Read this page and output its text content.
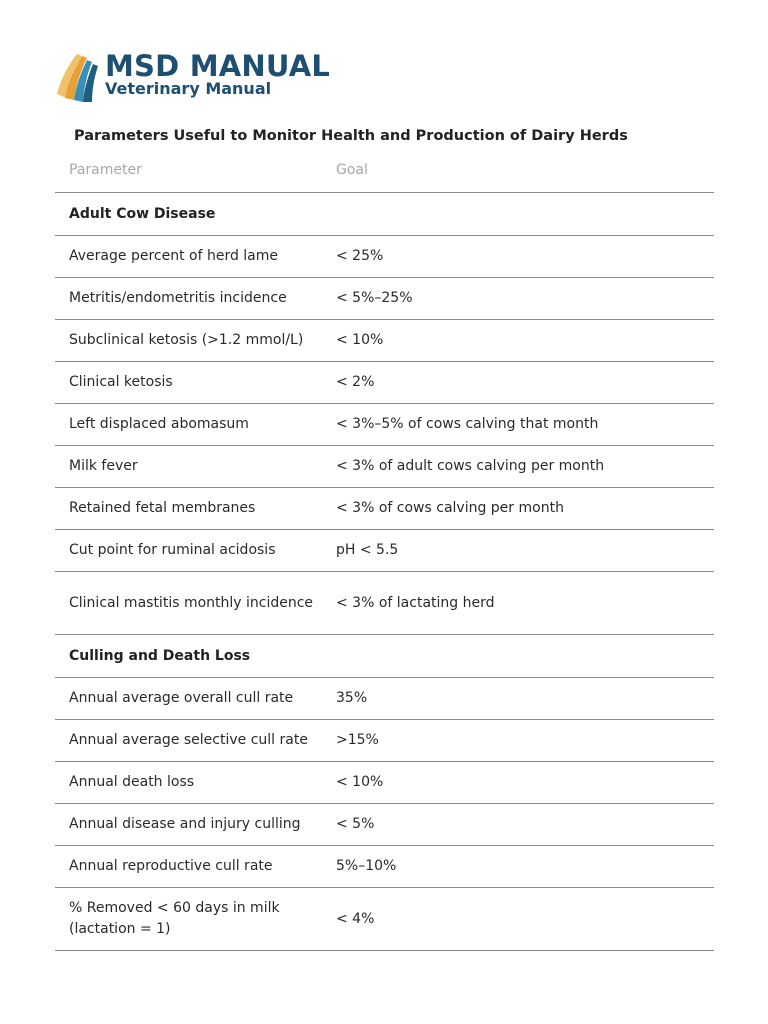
MSD MANUAL
Veterinary Manual
Parameters Useful to Monitor Health and Production of Dairy Herds
Parameter	Goal
Adult Cow Disease	
Average percent of herd lame	< 25%
Metritis/endometritis incidence	< 5%–25%
Subclinical ketosis (>1.2 mmol/L)	< 10%
Clinical ketosis	< 2%
Left displaced abomasum	< 3%–5% of cows calving that month
Milk fever	< 3% of adult cows calving per month
Retained fetal membranes	< 3% of cows calving per month
Cut point for ruminal acidosis	pH < 5.5
Clinical mastitis monthly incidence	< 3% of lactating herd
Culling and Death Loss	
Annual average overall cull rate	35%
Annual average selective cull rate	>15%
Annual death loss	< 10%
Annual disease and injury culling	< 5%
Annual reproductive cull rate	5%–10%
% Removed < 60 days in milk (lactation = 1)	< 4%
